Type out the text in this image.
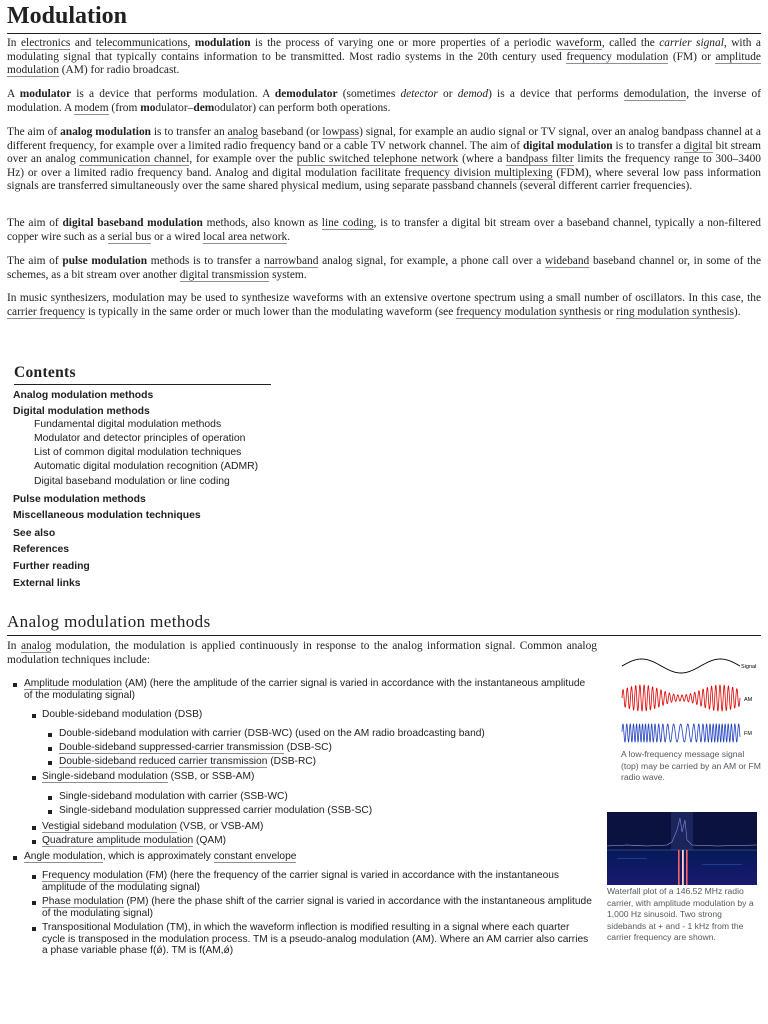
Modulation

In electronics and telecommunications, modulation is the process of varying one or more properties of a periodic waveform, called the carrier signal, with a modulating signal that typically contains information to be transmitted. Most radio systems in the 20th century used frequency modulation (FM) or amplitude modulation (AM) for radio broadcast.

A modulator is a device that performs modulation. A demodulator (sometimes detector or demod) is a device that performs demodulation, the inverse of modulation. A modem (from modulator–demodulator) can perform both operations.

The aim of analog modulation is to transfer an analog baseband (or lowpass) signal, for example an audio signal or TV signal, over an analog bandpass channel at a different frequency, for example over a limited radio frequency band or a cable TV network channel. The aim of digital modulation is to transfer a digital bit stream over an analog communication channel, for example over the public switched telephone network (where a bandpass filter limits the frequency range to 300–3400 Hz) or over a limited radio frequency band. Analog and digital modulation facilitate frequency division multiplexing (FDM), where several low pass information signals are transferred simultaneously over the same shared physical medium, using separate passband channels (several different carrier frequencies).

The aim of digital baseband modulation methods, also known as line coding, is to transfer a digital bit stream over a baseband channel, typically a non-filtered copper wire such as a serial bus or a wired local area network.

The aim of pulse modulation methods is to transfer a narrowband analog signal, for example, a phone call over a wideband baseband channel or, in some of the schemes, as a bit stream over another digital transmission system.

In music synthesizers, modulation may be used to synthesize waveforms with an extensive overtone spectrum using a small number of oscillators. In this case, the carrier frequency is typically in the same order or much lower than the modulating waveform (see frequency modulation synthesis or ring modulation synthesis).

Contents
Analog modulation methods
Digital modulation methods
Fundamental digital modulation methods
Modulator and detector principles of operation
List of common digital modulation techniques
Automatic digital modulation recognition (ADMR)
Digital baseband modulation or line coding
Pulse modulation methods
Miscellaneous modulation techniques
See also
References
Further reading
External links
Analog modulation methods

In analog modulation, the modulation is applied continuously in response to the analog information signal. Common analog modulation techniques include:

Amplitude modulation (AM) (here the amplitude of the carrier signal is varied in accordance with the instantaneous amplitude of the modulating signal)
Double-sideband modulation (DSB)
Double-sideband modulation with carrier (DSB-WC) (used on the AM radio broadcasting band)
Double-sideband suppressed-carrier transmission (DSB-SC)
Double-sideband reduced carrier transmission (DSB-RC)
Single-sideband modulation (SSB, or SSB-AM)
Single-sideband modulation with carrier (SSB-WC)
Single-sideband modulation suppressed carrier modulation (SSB-SC)
Vestigial sideband modulation (VSB, or VSB-AM)
Quadrature amplitude modulation (QAM)
Angle modulation, which is approximately constant envelope
Frequency modulation (FM) (here the frequency of the carrier signal is varied in accordance with the instantaneous amplitude of the modulating signal)
Phase modulation (PM) (here the phase shift of the carrier signal is varied in accordance with the instantaneous amplitude of the modulating signal)
Transpositional Modulation (TM), in which the waveform inflection is modified resulting in a signal where each quarter cycle is transposed in the modulation process. TM is a pseudo-analog modulation (AM). Where an AM carrier also carries a phase variable phase f(ǿ). TM is f(AM,ǿ)
Signal
AM
FM
A low-frequency message signal (top) may be carried by an AM or FM radio wave.
Waterfall plot of a 146.52 MHz radio carrier, with amplitude modulation by a 1,000 Hz sinusoid. Two strong sidebands at + and - 1 kHz from the carrier frequency are shown.
